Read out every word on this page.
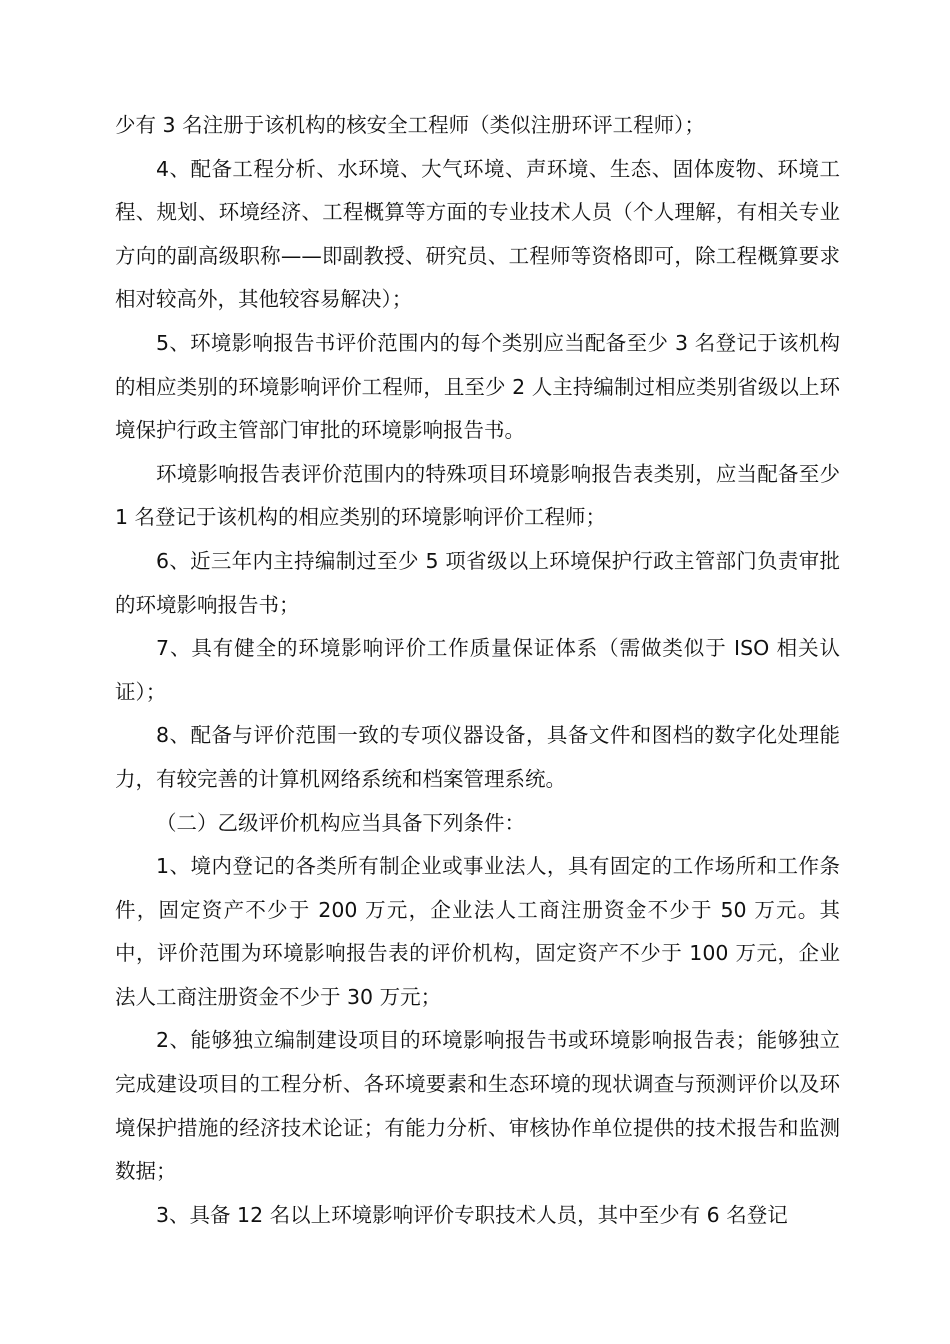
少有 3 名注册于该机构的核安全工程师（类似注册环评工程师）；

4、配备工程分析、水环境、大气环境、声环境、生态、固体废物、环境工程、规划、环境经济、工程概算等方面的专业技术人员（个人理解，有相关专业方向的副高级职称——即副教授、研究员、工程师等资格即可，除工程概算要求相对较高外，其他较容易解决）；

5、环境影响报告书评价范围内的每个类别应当配备至少 3 名登记于该机构的相应类别的环境影响评价工程师，且至少 2 人主持编制过相应类别省级以上环境保护行政主管部门审批的环境影响报告书。

环境影响报告表评价范围内的特殊项目环境影响报告表类别，应当配备至少 1 名登记于该机构的相应类别的环境影响评价工程师；

6、近三年内主持编制过至少 5 项省级以上环境保护行政主管部门负责审批的环境影响报告书；

7、具有健全的环境影响评价工作质量保证体系（需做类似于 ISO 相关认证）；

8、配备与评价范围一致的专项仪器设备，具备文件和图档的数字化处理能力，有较完善的计算机网络系统和档案管理系统。

（二）乙级评价机构应当具备下列条件：

1、境内登记的各类所有制企业或事业法人，具有固定的工作场所和工作条件，固定资产不少于 200 万元，企业法人工商注册资金不少于 50 万元。其中，评价范围为环境影响报告表的评价机构，固定资产不少于 100 万元，企业法人工商注册资金不少于 30 万元；

2、能够独立编制建设项目的环境影响报告书或环境影响报告表；能够独立完成建设项目的工程分析、各环境要素和生态环境的现状调查与预测评价以及环境保护措施的经济技术论证；有能力分析、审核协作单位提供的技术报告和监测数据；

3、具备 12 名以上环境影响评价专职技术人员，其中至少有 6 名登记
